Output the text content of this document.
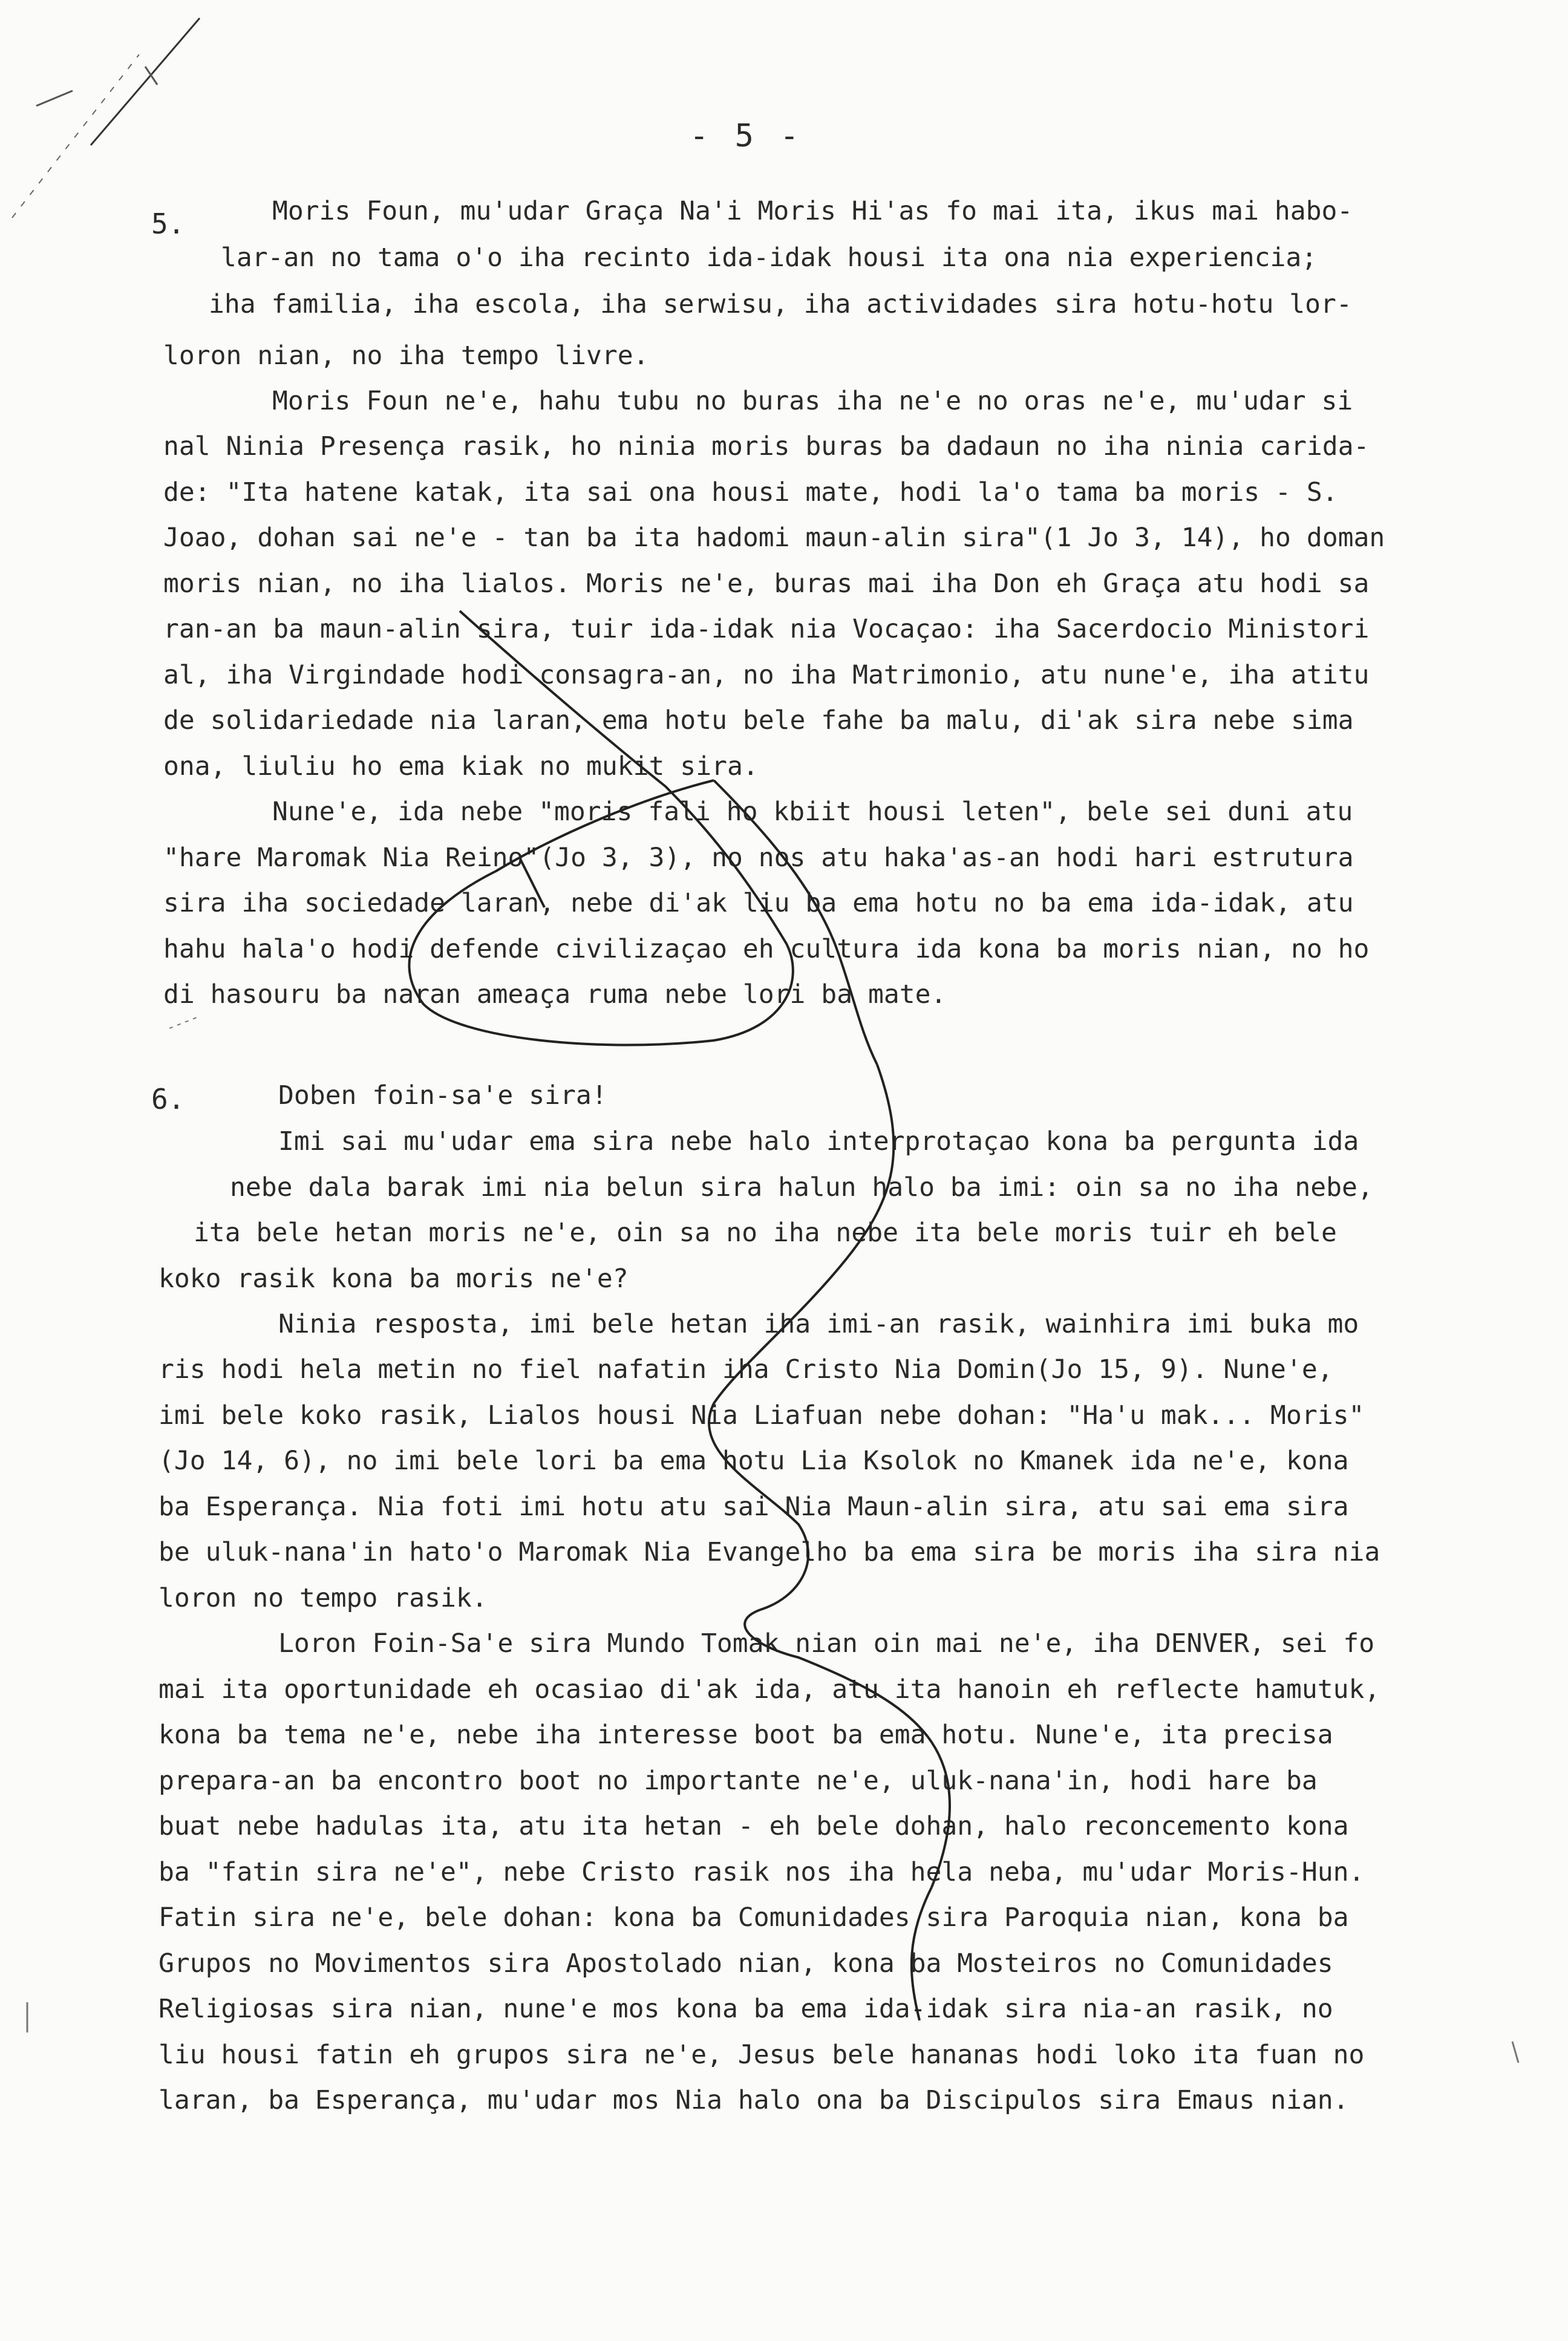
- 5 -
5.	Moris Foun, mu'udar Graça Na'i Moris Hi'as fo mai ita, ikus mai habo-
lar-an no tama o'o iha recinto ida-idak housi ita ona nia experiencia;
iha familia, iha escola, iha serwisu, iha actividades sira hotu-hotu lor-
loron nian, no iha tempo livre.
Moris Foun ne'e, hahu tubu no buras iha ne'e no oras ne'e, mu'udar si
nal Ninia Presença rasik, ho ninia moris buras ba dadaun no iha ninia carida-
de: "Ita hatene katak, ita sai ona housi mate, hodi la'o tama ba moris - S.
Joao, dohan sai ne'e - tan ba ita hadomi maun-alin sira"(1 Jo 3, 14), ho doman
moris nian, no iha lialos. Moris ne'e, buras mai iha Don eh Graça atu hodi sa
ran-an ba maun-alin sira, tuir ida-idak nia Vocaçao: iha Sacerdocio Ministori
al, iha Virgindade hodi consagra-an, no iha Matrimonio, atu nune'e, iha atitu
de solidariedade nia laran, ema hotu bele fahe ba malu, di'ak sira nebe sima
ona, liuliu ho ema kiak no mukit sira.
Nune'e, ida nebe "moris fali ho kbiit housi leten", bele sei duni atu
"hare Maromak Nia Reino"(Jo 3, 3), no nos atu haka'as-an hodi hari estrutura
sira iha sociedade laran, nebe di'ak liu ba ema hotu no ba ema ida-idak, atu
hahu hala'o hodi defende civilizaçao eh cultura ida kona ba moris nian, no ho
di hasouru ba naran ameaça ruma nebe lori ba mate.
6.	Doben foin-sa'e sira!
Imi sai mu'udar ema sira nebe halo interprotaçao kona ba pergunta ida
nebe dala barak imi nia belun sira halun halo ba imi: oin sa no iha nebe,
ita bele hetan moris ne'e, oin sa no iha nebe ita bele moris tuir eh bele
koko rasik kona ba moris ne'e?
Ninia resposta, imi bele hetan iha imi-an rasik, wainhira imi buka mo
ris hodi hela metin no fiel nafatin iha Cristo Nia Domin(Jo 15, 9). Nune'e,
imi bele koko rasik, Lialos housi Nia Liafuan nebe dohan: "Ha'u mak... Moris"
(Jo 14, 6), no imi bele lori ba ema hotu Lia Ksolok no Kmanek ida ne'e, kona
ba Esperança. Nia foti imi hotu atu sai Nia Maun-alin sira, atu sai ema sira
be uluk-nana'in hato'o Maromak Nia Evangelho ba ema sira be moris iha sira nia
loron no tempo rasik.
Loron Foin-Sa'e sira Mundo Tomak nian oin mai ne'e, iha DENVER, sei fo
mai ita oportunidade eh ocasiao di'ak ida, atu ita hanoin eh reflecte hamutuk,
kona ba tema ne'e, nebe iha interesse boot ba ema hotu. Nune'e, ita precisa
prepara-an ba encontro boot no importante ne'e, uluk-nana'in, hodi hare ba
buat nebe hadulas ita, atu ita hetan - eh bele dohan, halo reconcemento kona
ba "fatin sira ne'e", nebe Cristo rasik nos iha hela neba, mu'udar Moris-Hun.
Fatin sira ne'e, bele dohan: kona ba Comunidades sira Paroquia nian, kona ba
Grupos no Movimentos sira Apostolado nian, kona ba Mosteiros no Comunidades
Religiosas sira nian, nune'e mos kona ba ema ida-idak sira nia-an rasik, no
liu housi fatin eh grupos sira ne'e, Jesus bele hananas hodi loko ita fuan no
laran, ba Esperança, mu'udar mos Nia halo ona ba Discipulos sira Emaus nian.
